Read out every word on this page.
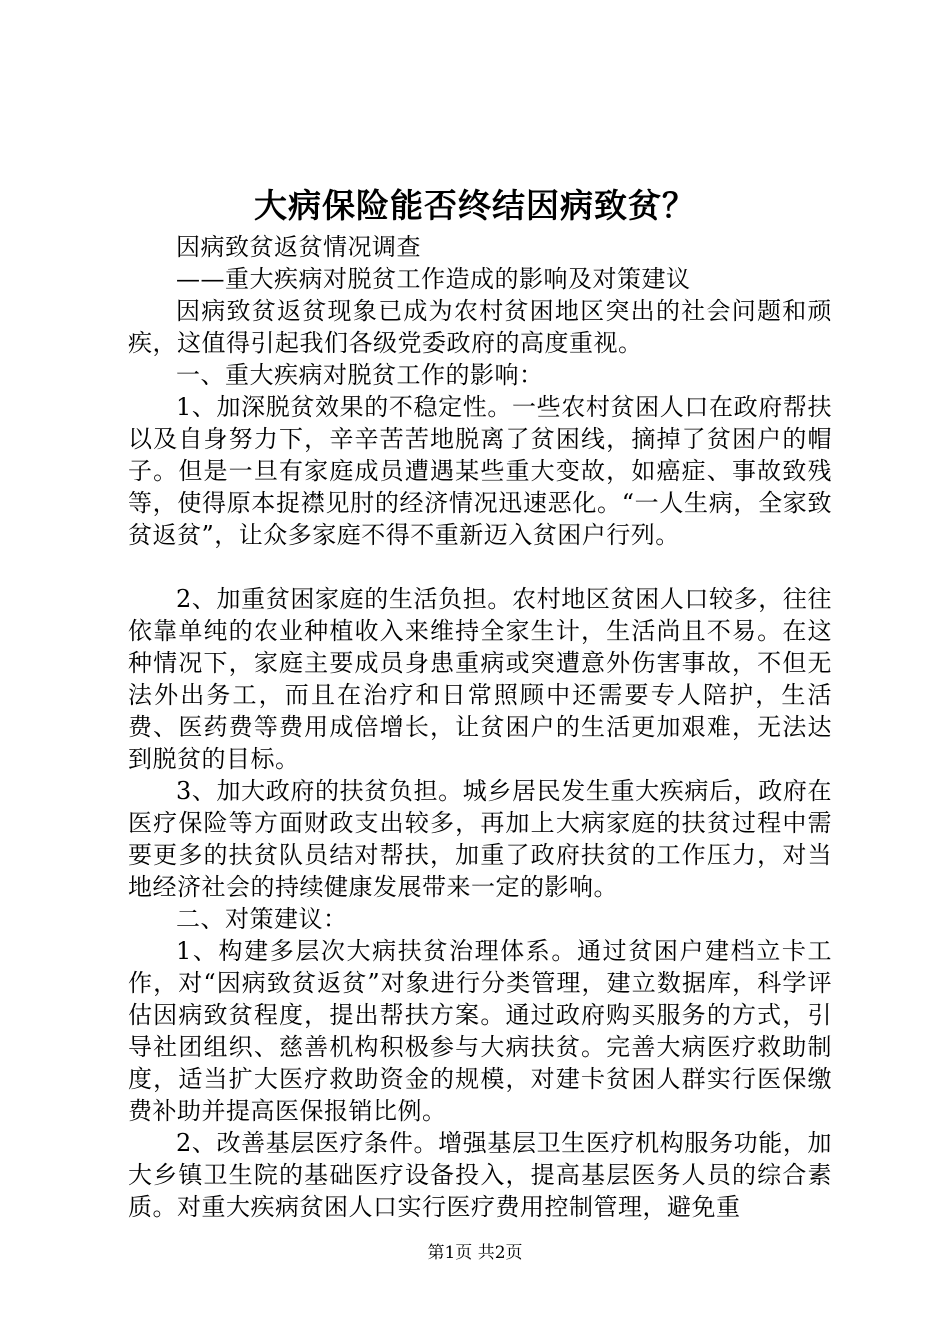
大病保险能否终结因病致贫？

因病致贫返贫情况调查

——重大疾病对脱贫工作造成的影响及对策建议

因病致贫返贫现象已成为农村贫困地区突出的社会问题和顽疾，这值得引起我们各级党委政府的高度重视。

一、重大疾病对脱贫工作的影响：

1、加深脱贫效果的不稳定性。一些农村贫困人口在政府帮扶以及自身努力下，辛辛苦苦地脱离了贫困线，摘掉了贫困户的帽子。但是一旦有家庭成员遭遇某些重大变故，如癌症、事故致残等，使得原本捉襟见肘的经济情况迅速恶化。“一人生病，全家致贫返贫”，让众多家庭不得不重新迈入贫困户行列。

2、加重贫困家庭的生活负担。农村地区贫困人口较多，往往依靠单纯的农业种植收入来维持全家生计，生活尚且不易。在这种情况下，家庭主要成员身患重病或突遭意外伤害事故，不但无法外出务工，而且在治疗和日常照顾中还需要专人陪护，生活费、医药费等费用成倍增长，让贫困户的生活更加艰难，无法达到脱贫的目标。

3、加大政府的扶贫负担。城乡居民发生重大疾病后，政府在医疗保险等方面财政支出较多，再加上大病家庭的扶贫过程中需要更多的扶贫队员结对帮扶，加重了政府扶贫的工作压力，对当地经济社会的持续健康发展带来一定的影响。

二、对策建议：

1、构建多层次大病扶贫治理体系。通过贫困户建档立卡工作，对“因病致贫返贫”对象进行分类管理，建立数据库，科学评估因病致贫程度，提出帮扶方案。通过政府购买服务的方式，引导社团组织、慈善机构积极参与大病扶贫。完善大病医疗救助制度，适当扩大医疗救助资金的规模，对建卡贫困人群实行医保缴费补助并提高医保报销比例。

2、改善基层医疗条件。增强基层卫生医疗机构服务功能，加大乡镇卫生院的基础医疗设备投入，提高基层医务人员的综合素质。对重大疾病贫困人口实行医疗费用控制管理，避免重

第1页 共2页
